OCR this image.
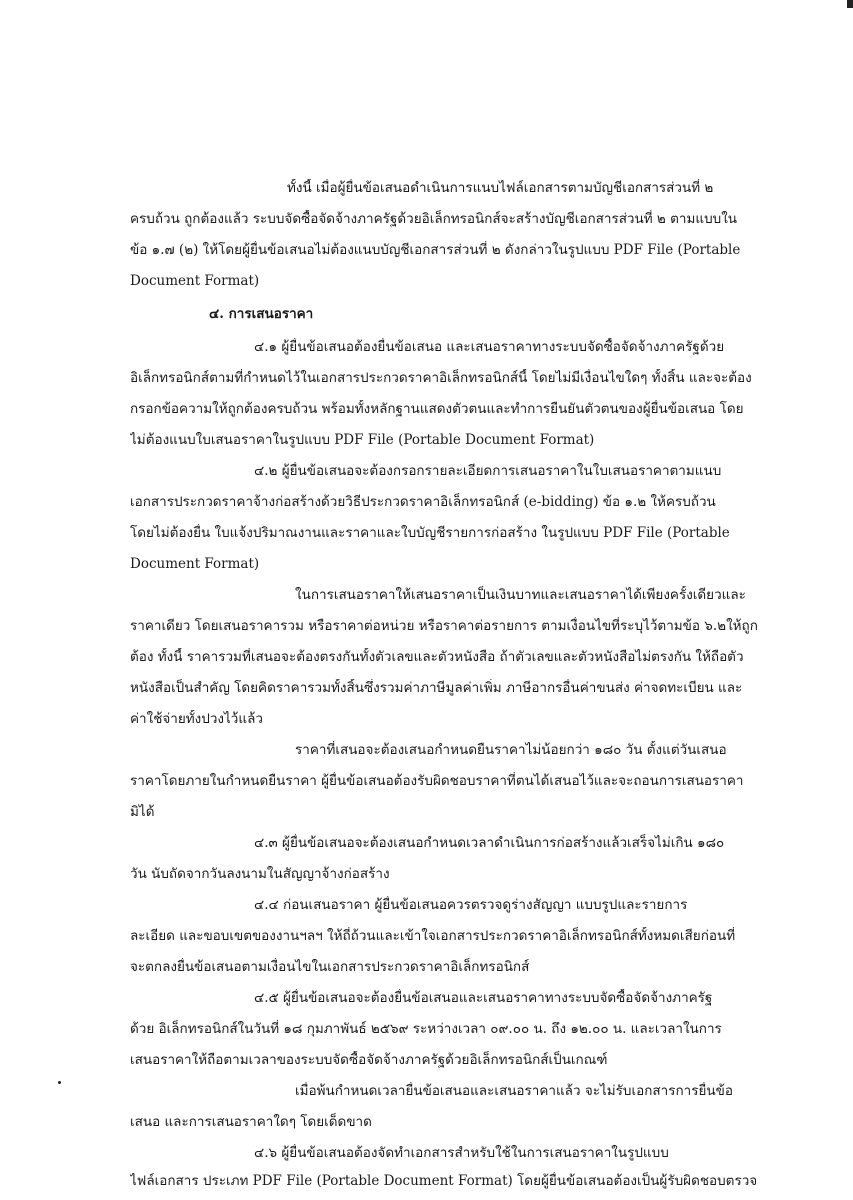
ทั้งนี้ เมื่อผู้ยื่นข้อเสนอดำเนินการแนบไฟล์เอกสารตามบัญชีเอกสารส่วนที่ ๒
ครบถ้วน ถูกต้องแล้ว ระบบจัดซื้อจัดจ้างภาครัฐด้วยอิเล็กทรอนิกส์จะสร้างบัญชีเอกสารส่วนที่ ๒ ตามแบบใน
ข้อ ๑.๗ (๒) ให้โดยผู้ยื่นข้อเสนอไม่ต้องแนบบัญชีเอกสารส่วนที่ ๒ ดังกล่าวในรูปแบบ PDF File (Portable
Document Format)
๔. การเสนอราคา
๔.๑ ผู้ยื่นข้อเสนอต้องยื่นข้อเสนอ และเสนอราคาทางระบบจัดซื้อจัดจ้างภาครัฐด้วย
อิเล็กทรอนิกส์ตามที่กำหนดไว้ในเอกสารประกวดราคาอิเล็กทรอนิกส์นี้ โดยไม่มีเงื่อนไขใดๆ ทั้งสิ้น และจะต้อง
กรอกข้อความให้ถูกต้องครบถ้วน พร้อมทั้งหลักฐานแสดงตัวตนและทำการยืนยันตัวตนของผู้ยื่นข้อเสนอ โดย
ไม่ต้องแนบใบเสนอราคาในรูปแบบ PDF File (Portable Document Format)
๔.๒ ผู้ยื่นข้อเสนอจะต้องกรอกรายละเอียดการเสนอราคาในใบเสนอราคาตามแนบ
เอกสารประกวดราคาจ้างก่อสร้างด้วยวิธีประกวดราคาอิเล็กทรอนิกส์ (e-bidding) ข้อ ๑.๒ ให้ครบถ้วน
โดยไม่ต้องยื่น ใบแจ้งปริมาณงานและราคาและใบบัญชีรายการก่อสร้าง ในรูปแบบ PDF File (Portable
Document Format)
ในการเสนอราคาให้เสนอราคาเป็นเงินบาทและเสนอราคาได้เพียงครั้งเดียวและ
ราคาเดียว โดยเสนอราคารวม หรือราคาต่อหน่วย หรือราคาต่อรายการ ตามเงื่อนไขที่ระบุไว้ตามข้อ ๖.๒ให้ถูก
ต้อง ทั้งนี้ ราคารวมที่เสนอจะต้องตรงกันทั้งตัวเลขและตัวหนังสือ ถ้าตัวเลขและตัวหนังสือไม่ตรงกัน ให้ถือตัว
หนังสือเป็นสำคัญ โดยคิดราคารวมทั้งสิ้นซึ่งรวมค่าภาษีมูลค่าเพิ่ม ภาษีอากรอื่นค่าขนส่ง ค่าจดทะเบียน และ
ค่าใช้จ่ายทั้งปวงไว้แล้ว
ราคาที่เสนอจะต้องเสนอกำหนดยืนราคาไม่น้อยกว่า ๑๘๐ วัน ตั้งแต่วันเสนอ
ราคาโดยภายในกำหนดยืนราคา ผู้ยื่นข้อเสนอต้องรับผิดชอบราคาที่ตนได้เสนอไว้และจะถอนการเสนอราคา
มิได้
๔.๓ ผู้ยื่นข้อเสนอจะต้องเสนอกำหนดเวลาดำเนินการก่อสร้างแล้วเสร็จไม่เกิน ๑๘๐
วัน นับถัดจากวันลงนามในสัญญาจ้างก่อสร้าง
๔.๔ ก่อนเสนอราคา ผู้ยื่นข้อเสนอควรตรวจดูร่างสัญญา แบบรูปและรายการ
ละเอียด และขอบเขตของงานฯลฯ ให้ถี่ถ้วนและเข้าใจเอกสารประกวดราคาอิเล็กทรอนิกส์ทั้งหมดเสียก่อนที่
จะตกลงยื่นข้อเสนอตามเงื่อนไขในเอกสารประกวดราคาอิเล็กทรอนิกส์
๔.๕ ผู้ยื่นข้อเสนอจะต้องยื่นข้อเสนอและเสนอราคาทางระบบจัดซื้อจัดจ้างภาครัฐ
ด้วย อิเล็กทรอนิกส์ในวันที่ ๑๘ กุมภาพันธ์ ๒๕๖๙ ระหว่างเวลา ๐๙.๐๐ น. ถึง ๑๒.๐๐ น. และเวลาในการ
เสนอราคาให้ถือตามเวลาของระบบจัดซื้อจัดจ้างภาครัฐด้วยอิเล็กทรอนิกส์เป็นเกณฑ์
เมื่อพ้นกำหนดเวลายื่นข้อเสนอและเสนอราคาแล้ว จะไม่รับเอกสารการยื่นข้อ
เสนอ และการเสนอราคาใดๆ โดยเด็ดขาด
๔.๖ ผู้ยื่นข้อเสนอต้องจัดทำเอกสารสำหรับใช้ในการเสนอราคาในรูปแบบ
ไฟล์เอกสาร ประเภท PDF File (Portable Document Format) โดยผู้ยื่นข้อเสนอต้องเป็นผู้รับผิดชอบตรวจ
